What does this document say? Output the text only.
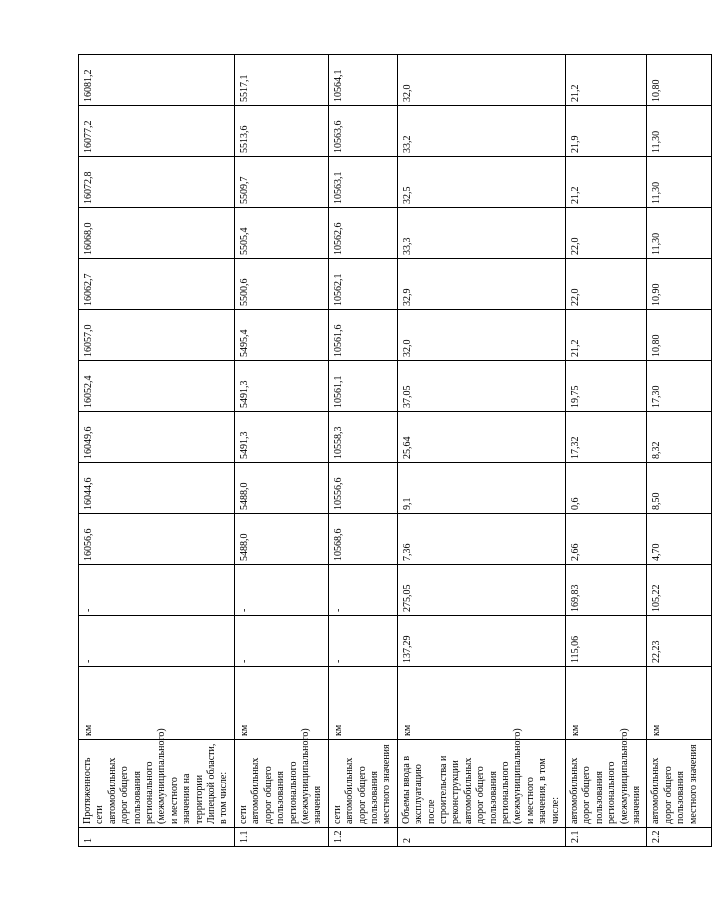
1	Протяженность сети автомобильных дорог общего пользования регионального (межмуниципального) и местного значения на территории Липецкой области, в том числе:	км	-	-	16056,6	16044,6	16049,6	16052,4	16057,0	16062,7	16068,0	16072,8	16077,2	16081,2
1.1	сети автомобильных дорог общего пользования регионального (межмуниципального) значения	км	-	-	5488,0	5488,0	5491,3	5491,3	5495,4	5500,6	5505,4	5509,7	5513,6	5517,1
1.2	сети автомобильных дорог общего пользования местного значения	км	-	-	10568,6	10556,6	10558,3	10561,1	10561,6	10562,1	10562,6	10563,1	10563,6	10564,1
2	Объемы ввода в эксплуатацию после строительства и реконструкции автомобильных дорог общего пользования регионального (межмуниципального) и местного значения, в том числе:	км	137,29	275,05	7,36	9,1	25,64	37,05	32,0	32,9	33,3	32,5	33,2	32,0
2.1	автомобильных дорог общего пользования регионального (межмуниципального) значения	км	115,06	169,83	2,66	0,6	17,32	19,75	21,2	22,0	22,0	21,2	21,9	21,2
2.2	автомобильных дорог общего пользования местного значения	км	22,23	105,22	4,70	8,50	8,32	17,30	10,80	10,90	11,30	11,30	11,30	10,80
